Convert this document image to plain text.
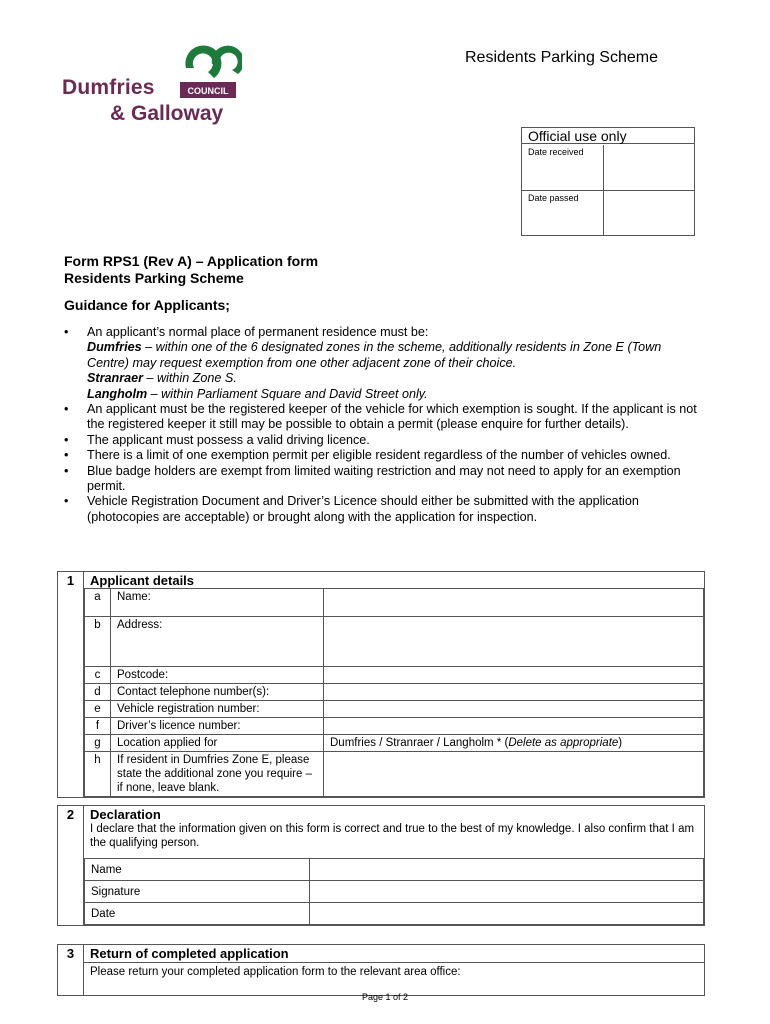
COUNCIL
Dumfries
& Galloway
Residents Parking Scheme
Official use only
Date received
Date passed
Form RPS1 (Rev A) – Application form
Residents Parking Scheme
Guidance for Applicants;
• An applicant’s normal place of permanent residence must be:
Dumfries – within one of the 6 designated zones in the scheme, additionally residents in Zone E (Town Centre) may request exemption from one other adjacent zone of their choice.
Stranraer – within Zone S.
Langholm – within Parliament Square and David Street only.
• An applicant must be the registered keeper of the vehicle for which exemption is sought. If the applicant is not the registered keeper it still may be possible to obtain a permit (please enquire for further details).
• The applicant must possess a valid driving licence.
• There is a limit of one exemption permit per eligible resident regardless of the number of vehicles owned.
• Blue badge holders are exempt from limited waiting restriction and may not need to apply for an exemption permit.
• Vehicle Registration Document and Driver’s Licence should either be submitted with the application (photocopies are acceptable) or brought along with the application for inspection.
1	Applicant details
a	Name:	
b	Address:	
c	Postcode:	
d	Contact telephone number(s):	
e	Vehicle registration number:	
f	Driver’s licence number:	
g	Location applied for	Dumfries / Stranraer / Langholm * (Delete as appropriate)
h	If resident in Dumfries Zone E, please state the additional zone you require – if none, leave blank.	
2	Declaration
I declare that the information given on this form is correct and true to the best of my knowledge. I also confirm that I am the qualifying person.
Name	
Signature	
Date	
3	Return of completed application
Please return your completed application form to the relevant area office:
Page 1 of 2
